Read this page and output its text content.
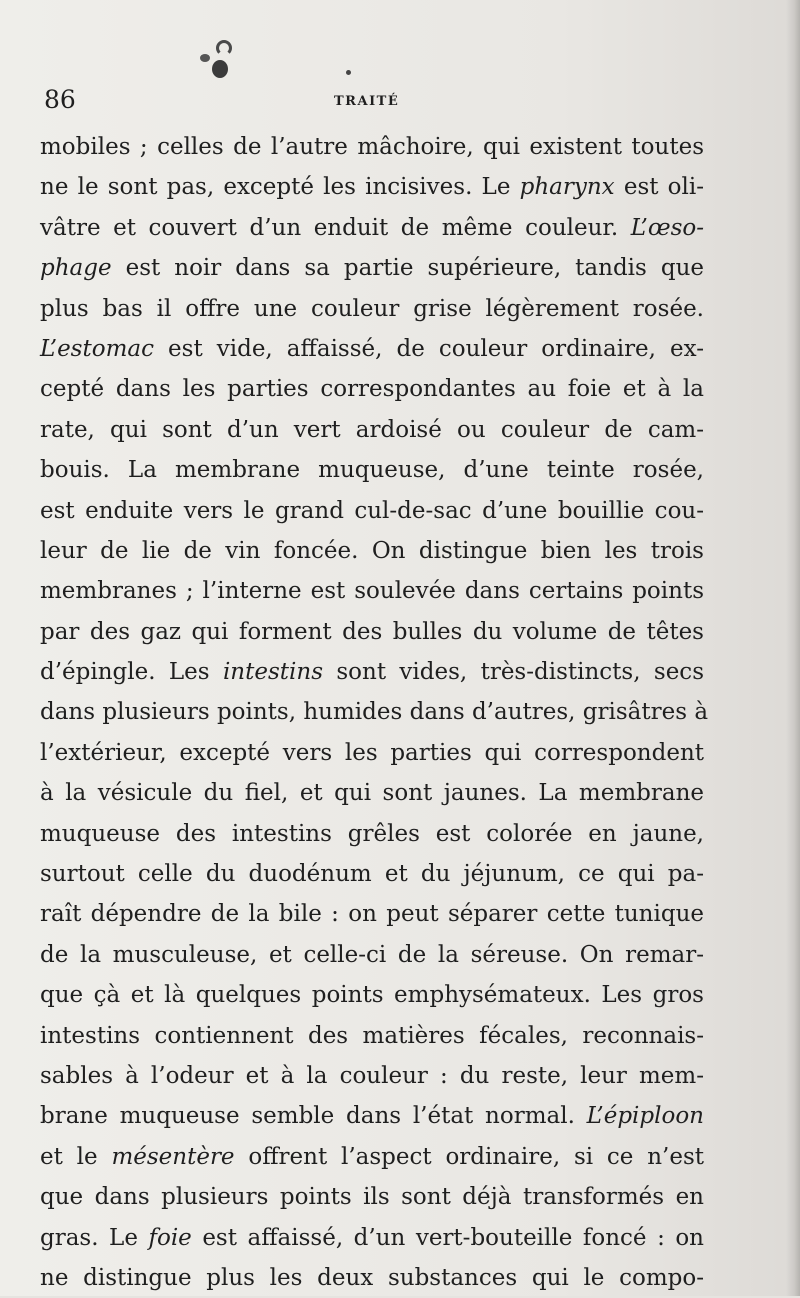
86	TRAITÉ
mobiles ; celles de l’autre mâchoire, qui existent toutes
ne le sont pas, excepté les incisives. Le pharynx est oli-
vâtre et couvert d’un enduit de même couleur. L’œso-
phage est noir dans sa partie supérieure, tandis que
plus bas il offre une couleur grise légèrement rosée.
L’estomac est vide, affaissé, de couleur ordinaire, ex-
cepté dans les parties correspondantes au foie et à la
rate, qui sont d’un vert ardoisé ou couleur de cam-
bouis. La membrane muqueuse, d’une teinte rosée,
est enduite vers le grand cul-de-sac d’une bouillie cou-
leur de lie de vin foncée. On distingue bien les trois
membranes ; l’interne est soulevée dans certains points
par des gaz qui forment des bulles du volume de têtes
d’épingle. Les intestins sont vides, très-distincts, secs
dans plusieurs points, humides dans d’autres, grisâtres à
l’extérieur, excepté vers les parties qui correspondent
à la vésicule du fiel, et qui sont jaunes. La membrane
muqueuse des intestins grêles est colorée en jaune,
surtout celle du duodénum et du jéjunum, ce qui pa-
raît dépendre de la bile : on peut séparer cette tunique
de la musculeuse, et celle-ci de la séreuse. On remar-
que çà et là quelques points emphysémateux. Les gros
intestins contiennent des matières fécales, reconnais-
sables à l’odeur et à la couleur : du reste, leur mem-
brane muqueuse semble dans l’état normal. L’épiploon
et le mésentère offrent l’aspect ordinaire, si ce n’est
que dans plusieurs points ils sont déjà transformés en
gras. Le foie est affaissé, d’un vert-bouteille foncé : on
ne distingue plus les deux substances qui le compo-
